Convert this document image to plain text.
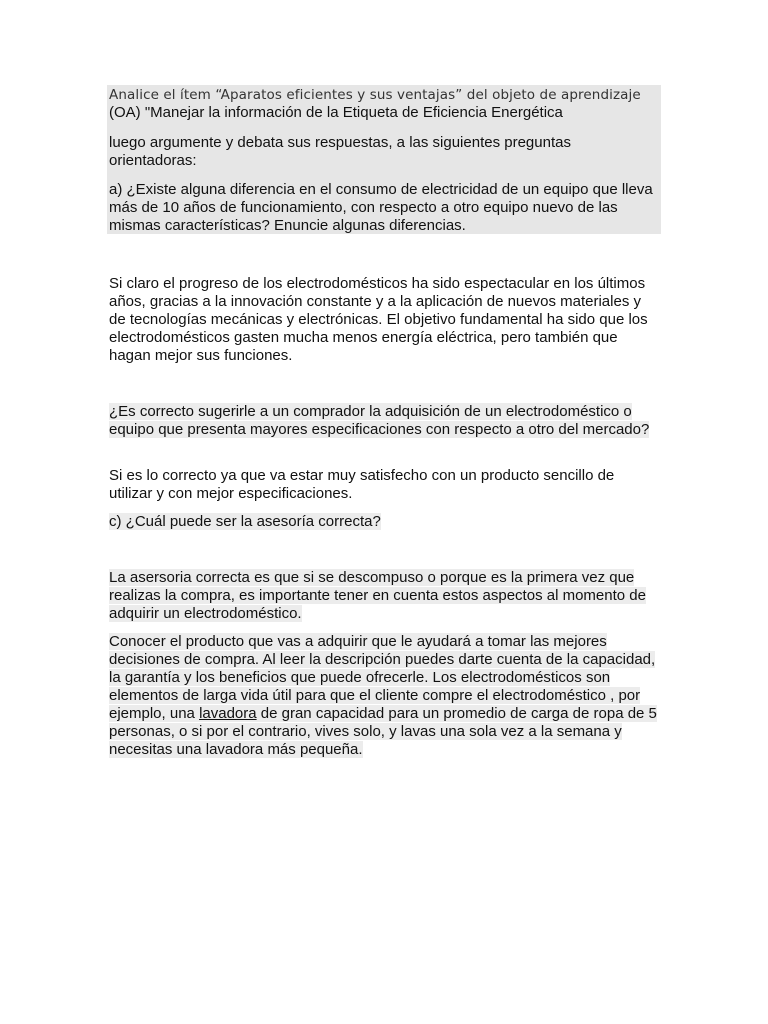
Analice el ítem “Aparatos eficientes y sus ventajas” del objeto de aprendizaje

(OA) "Manejar la información de la Etiqueta de Eficiencia Energética

luego argumente y debata sus respuestas, a las siguientes preguntas orientadoras:

a) ¿Existe alguna diferencia en el consumo de electricidad de un equipo que lleva más de 10 años de funcionamiento, con respecto a otro equipo nuevo de las mismas características? Enuncie algunas diferencias.

Si claro el progreso de los electrodomésticos ha sido espectacular en los últimos años, gracias a la innovación constante y a la aplicación de nuevos materiales y de tecnologías mecánicas y electrónicas. El objetivo fundamental ha sido que los electrodomésticos gasten mucha menos energía eléctrica, pero también que hagan mejor sus funciones.

¿Es correcto sugerirle a un comprador la adquisición de un electrodoméstico o equipo que presenta mayores especificaciones con respecto a otro del mercado?

Si es lo correcto ya que va estar muy satisfecho con un producto sencillo de utilizar y con mejor especificaciones.

c) ¿Cuál puede ser la asesoría correcta?

La asersoria correcta es que si se descompuso o porque es la primera vez que realizas la compra, es importante tener en cuenta estos aspectos al momento de adquirir un electrodoméstico.

Conocer el producto que vas a adquirir que le ayudará a tomar las mejores decisiones de compra. Al leer la descripción puedes darte cuenta de la capacidad, la garantía y los beneficios que puede ofrecerle. Los electrodomésticos son elementos de larga vida útil para que el cliente compre el electrodoméstico , por ejemplo, una lavadora de gran capacidad para un promedio de carga de ropa de 5 personas, o si por el contrario, vives solo, y lavas una sola vez a la semana y necesitas una lavadora más pequeña.
